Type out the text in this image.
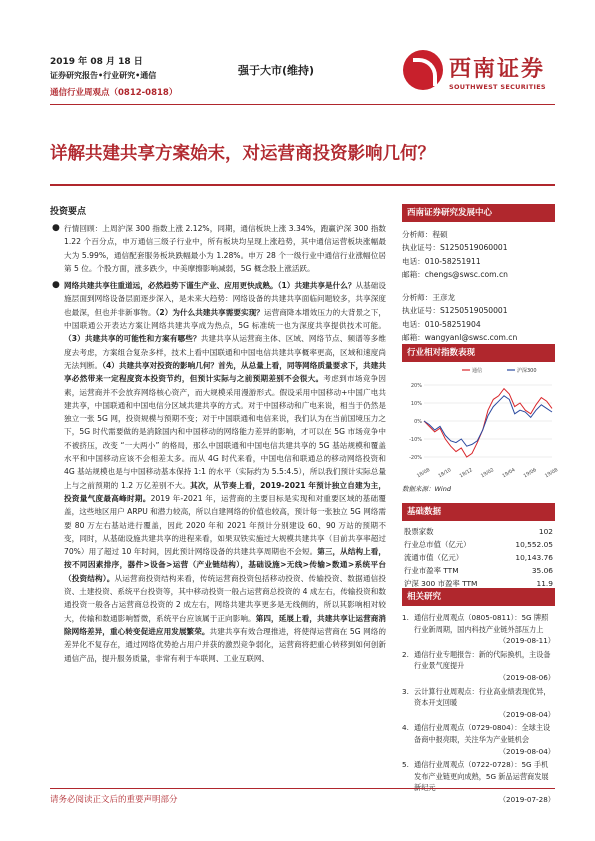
2019 年 08 月 18 日
证券研究报告•行业研究•通信
通信行业周观点（0812-0818）
强于大市(维持)	西南证券
SOUTHWEST SECURITIES
详解共建共享方案始末，对运营商投资影响几何？
投资要点

● 行情回顾：上周沪深 300 指数上涨 2.12%，同期，通信板块上涨 3.34%，跑赢沪深 300 指数 1.22 个百分点，申万通信三级子行业中，所有板块均呈现上涨趋势，其中通信运营板块涨幅最大为 5.99%，通信配套服务板块跌幅最小为 1.28%。申万 28 个一级行业中通信行业涨幅位居第 5 位。个股方面，涨多跌少，中美摩擦影响减弱，5G 概念股上涨活跃。

● 网络共建共享往重道远，必然趋势下谨生产业、应用更快成熟。（1）共建共享是什么？从基础设施层面到网络设备层面逐步深入，是未来大趋势：网络设备的共建共享面临问题较多，共享深度也最深，但也并非新事物。（2）为什么共建共享需要实现？运营商降本增效压力的大背景之下，中国联通公开表达方案让网络共建共享成为热点，5G 标准统一也为深度共享提供技术可能。（3）共建共享的可能性和方案有哪些？共建共享从运营商主体、区域、网络节点、频谱等多维度去考虑，方案组合复杂多样，技术上看中国联通和中国电信共建共享概率更高，区域和速度尚无法判断。（4）共建共享对投资的影响几何？首先，从总量上看，同等网络质量要求下，共建共享必然带来一定程度资本投资节约，但预计实际与之前预期差别不会很大。考虑到市场竞争因素，运营商并不会放弃网络核心资产，而大规模采用漫游形式。假设采用中国移动+中国广电共建共享，中国联通和中国电信分区域共建共享的方式。对于中国移动和广电来说，相当于仍然是独立一张 5G 网，投资规模与预期不变；对于中国联通和电信来说，我们认为在当前国境压力之下，5G 时代需要做的是消除国内和中国移动的网络能力差异的影响，才可以在 5G 市场竞争中不被挤压，改变 “一大两小” 的格局，那么中国联通和中国电信共建共享的 5G 基站规模和覆盖水平和中国移动应该不会相差太多。而从 4G 时代来看，中国电信和联通总的移动网络投资和 4G 基站规模也是与中国移动基本保持 1:1 的水平（实际约为 5.5:4.5），所以我们预计实际总量上与之前预期的 1.2 万亿差别不大。其次，从节奏上看，2019-2021 年预计独立自建为主，投资量气度最高峰时期。2019 年-2021 年，运营商的主要目标是实现和对重要区域的基础覆盖，这些地区用户 ARPU 和潜力较高，所以自建网络的价值也较高，预计每一张独立 5G 网络需要 80 万左右基站进行覆盖，因此 2020 年和 2021 年预计分别建设 60、90 万站的预期不变，同时，从基础设施共建共享的进程来看，如果双铁实施过大规模共建共享（目前共享率超过 70%）用了超过 10 年时间，因此预计网络设备的共建共享周期也不会短。第三，从结构上看，按不同因素排序，器件>设备>运营（产业链结构），基础设施>无线>传输>数通>系统平台（投资结构）。从运营商投资结构来看，传统运营商投资包括移动投资、传输投资、数据通信投资、土建投资、系统平台投资等，其中移动投资一般占运营商总投资的 4 成左右，传输投资和数通投资一般各占运营商总投资的 2 成左右，网络共建共享更多是无线侧的，所以其影响相对较大，传输和数通影响暂微，系统平台应该属于正向影响。第四，延展上看，共建共享让运营商消除网络差异，重心转变促进应用发展繁荣。共建共享有效合理推进，将使得运营商在 5G 网络的差异化不复存在，通过网络优势抢占用户并获的激烈竞争弱化，运营商将把重心转移到如何创新通信产品，提升服务质量，非常有利于车联网、工业互联网、

西南证券研究发展中心
分析师：程硕
执业证号：S1250519060001
电话：010-58251911
邮箱：chengs@swsc.com.cn
分析师：王彦龙
执业证号：S1250519050001
电话：010-58251904
邮箱：wangyanl@swsc.com.cn
行业相对指数表现
20%
10%
0%
-10%
-20%
18/08 18/10 18/12 19/02 19/04 19/06 19/08
通信	沪深300
数据来源：Wind
基础数据
股票家数	102
行业总市值（亿元）	10,552.05
流通市值（亿元）	10,143.76
行业市盈率 TTM	35.06
沪深 300 市盈率 TTM	11.9
相关研究
1. 通信行业周观点（0805-0811）：5G 牌照行业新周期，国内科技产业链外部压力上
（2019-08-11）
2. 通信行业专题报告：新的代际换机，主设备行业景气度提升
（2019-08-06）
3. 云计算行业周观点：行业高业绩表现优异，资本开支回暖
（2019-08-04）
4. 通信行业周观点（0729-0804）：全球主设备商中报亮眼，关注华为产业链机会
（2019-08-04）
5. 通信行业周观点（0722-0728）：5G 手机发布产业链更向成熟，5G 新品运营商发展
（2019-07-28）
请务必阅读正文后的重要声明部分
